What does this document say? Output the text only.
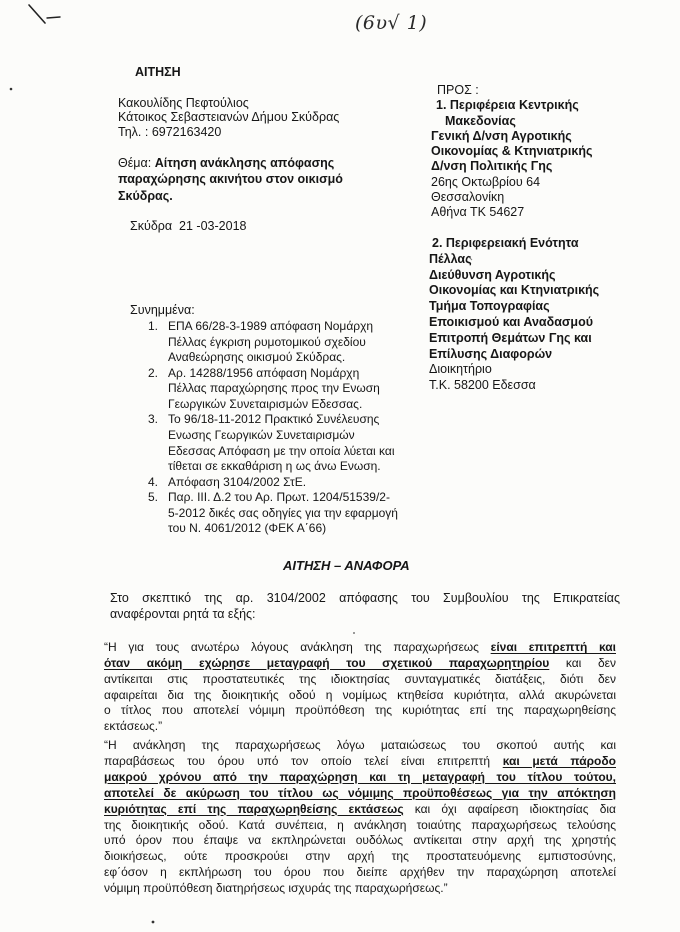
(6υ√ 1)
ΑΙΤΗΣΗ
Κακουλίδης Πεφτούλιος
Κάτοικος Σεβαστειανών Δήμου Σκύδρας
Τηλ. : 6972163420
Θέμα: Αίτηση ανάκλησης απόφασης
παραχώρησης ακινήτου στον οικισμό
Σκύδρας.
Σκύδρα  21 -03-2018
ΠΡΟΣ :
1. Περιφέρεια Κεντρικής
Μακεδονίας
Γενική Δ/νση Αγροτικής
Οικονομίας & Κτηνιατρικής
Δ/νση Πολιτικής Γης
26ης Οκτωβρίου 64
Θεσσαλονίκη
Αθήνα ΤΚ 54627
2. Περιφερειακή Ενότητα
Πέλλας
Διεύθυνση Αγροτικής
Οικονομίας και Κτηνιατρικής
Τμήμα Τοπογραφίας
Εποικισμού και Αναδασμού
Επιτροπή Θεμάτων Γης και
Επίλυσης Διαφορών
Διοικητήριο
Τ.Κ. 58200 Εδεσσα
Συνημμένα:
1. ΕΠΑ 66/28-3-1989 απόφαση Νομάρχη
Πέλλας έγκριση ρυμοτομικού σχεδίου
Αναθεώρησης οικισμού Σκύδρας.
2. Αρ. 14288/1956 απόφαση Νομάρχη
Πέλλας παραχώρησης προς την Ενωση
Γεωργικών Συνεταιρισμών Εδεσσας.
3. Το 96/18-11-2012 Πρακτικό Συνέλευσης
Ενωσης Γεωργικών Συνεταιρισμών
Εδεσσας Απόφαση με την οποία λύεται και
τίθεται σε εκκαθάριση η ως άνω Ενωση.
4. Απόφαση 3104/2002 ΣτΕ.
5. Παρ. ΙΙΙ. Δ.2 του Αρ. Πρωτ. 1204/51539/2-
5-2012 δικές σας οδηγίες για την εφαρμογή
του Ν. 4061/2012 (ΦΕΚ Α΄66)
ΑΙΤΗΣΗ – ΑΝΑΦΟΡΑ
Στο σκεπτικό της αρ. 3104/2002 απόφασης του Συμβουλίου της Επικρατείας
αναφέρονται ρητά τα εξής:
“Η για τους ανωτέρω λόγους ανάκληση της παραχωρήσεως είναι επιτρεπτή και
όταν ακόμη εχώρησε μεταγραφή του σχετικού παραχωρητηρίου και δεν
αντίκειται στις προστατευτικές της ιδιοκτησίας συνταγματικές διατάξεις, διότι δεν
αφαιρείται δια της διοικητικής οδού η νομίμως κτηθείσα κυριότητα, αλλά ακυρώνεται
ο τίτλος που αποτελεί νόμιμη προϋπόθεση της κυριότητας επί της παραχωρηθείσης
εκτάσεως.”
“Η ανάκληση της παραχωρήσεως λόγω ματαιώσεως του σκοπού αυτής και
παραβάσεως του όρου υπό τον οποίο τελεί είναι επιτρεπτή και μετά πάροδο
μακρού χρόνου από την παραχώρηση και τη μεταγραφή του τίτλου τούτου,
αποτελεί δε ακύρωση του τίτλου ως νόμιμης προϋποθέσεως για την απόκτηση
κυριότητας επί της παραχωρηθείσης εκτάσεως και όχι αφαίρεση ιδιοκτησίας δια
της διοικητικής οδού. Κατά συνέπεια, η ανάκληση τοιαύτης παραχωρήσεως τελούσης
υπό όρον που έπαψε να εκπληρώνεται ουδόλως αντίκειται στην αρχή της χρηστής
διοικήσεως, ούτε προσκρούει στην αρχή της προστατευόμενης εμπιστοσύνης,
εφ΄όσον η εκπλήρωση του όρου που διείπε αρχήθεν την παραχώρηση αποτελεί
νόμιμη προϋπόθεση διατηρήσεως ισχυράς της παραχωρήσεως.”
